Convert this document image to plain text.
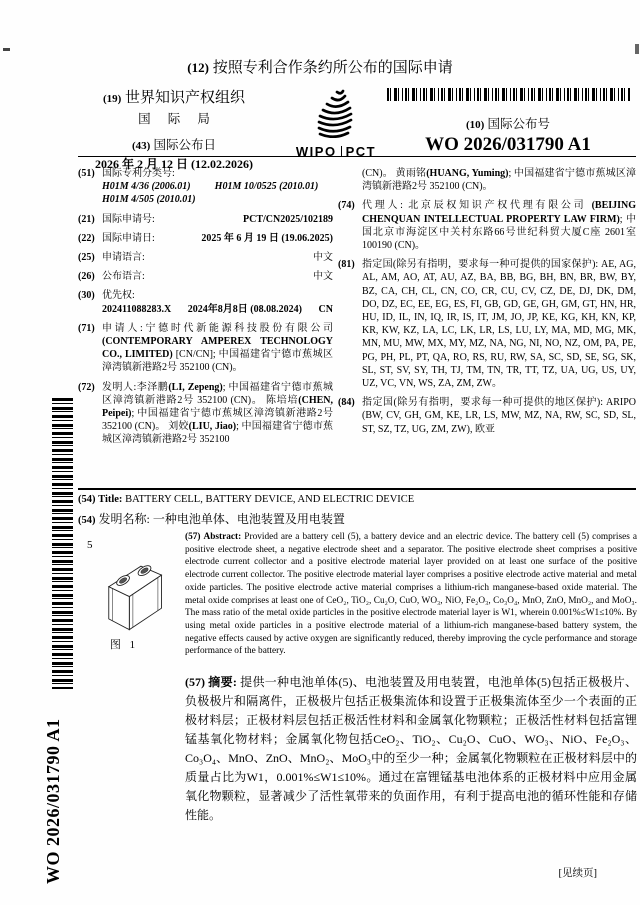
(12) 按照专利合作条约所公布的国际申请
(19) 世界知识产权组织
国 际 局
(43) 国际公布日
2026 年 2 月 12 日 (12.02.2026)
WIPO PCT
(10) 国际公布号
WO 2026/031790 A1
(51) 国际专利分类号:
H01M 4/36 (2006.01)	H01M 10/0525 (2010.01)
H01M 4/505 (2010.01)
(21) 国际申请号:	PCT/CN2025/102189
(22) 国际申请日:	2025 年 6 月 19 日 (19.06.2025)
(25) 申请语言:	中文
(26) 公布语言:	中文
(30) 优先权:
202411088283.X 2024年8月8日 (08.08.2024) CN
(71) 申请人:宁德时代新能源科技股份有限公司 (CONTEMPORARY AMPEREX TECHNOLOGY CO., LIMITED) [CN/CN]; 中国福建省宁德市蕉城区漳湾镇新港路2号 352100 (CN)。
(72) 发明人:李泽鹏(LI, Zepeng); 中国福建省宁德市蕉城区漳湾镇新港路2号 352100 (CN)。 陈培培(CHEN, Peipei); 中国福建省宁德市蕉城区漳湾镇新港路2号 352100 (CN)。 刘姣(LIU, Jiao); 中国福建省宁德市蕉城区漳湾镇新港路2号 352100
(CN)。 黄雨铭(HUANG, Yuming); 中国福建省宁德市蕉城区漳湾镇新港路2号 352100 (CN)。
(74) 代理人: 北京辰权知识产权代理有限公司 (BEIJING CHENQUAN INTELLECTUAL PROPERTY LAW FIRM); 中国北京市海淀区中关村东路66号世纪科贸大厦C座 2601室 100190 (CN)。
(81) 指定国(除另有指明，要求每一种可提供的国家保护): AE, AG, AL, AM, AO, AT, AU, AZ, BA, BB, BG, BH, BN, BR, BW, BY, BZ, CA, CH, CL, CN, CO, CR, CU, CV, CZ, DE, DJ, DK, DM, DO, DZ, EC, EE, EG, ES, FI, GB, GD, GE, GH, GM, GT, HN, HR, HU, ID, IL, IN, IQ, IR, IS, IT, JM, JO, JP, KE, KG, KH, KN, KP, KR, KW, KZ, LA, LC, LK, LR, LS, LU, LY, MA, MD, MG, MK, MN, MU, MW, MX, MY, MZ, NA, NG, NI, NO, NZ, OM, PA, PE, PG, PH, PL, PT, QA, RO, RS, RU, RW, SA, SC, SD, SE, SG, SK, SL, ST, SV, SY, TH, TJ, TM, TN, TR, TT, TZ, UA, UG, US, UY, UZ, VC, VN, WS, ZA, ZM, ZW。
(84) 指定国(除另有指明，要求每一种可提供的地区保护): ARIPO (BW, CV, GH, GM, KE, LR, LS, MW, MZ, NA, RW, SC, SD, SL, ST, SZ, TZ, UG, ZM, ZW), 欧亚
(54) Title: BATTERY CELL, BATTERY DEVICE, AND ELECTRIC DEVICE
(54) 发明名称: 一种电池单体、电池装置及用电装置
5
图 1
(57) Abstract: Provided are a battery cell (5), a battery device and an electric device. The battery cell (5) comprises a positive electrode sheet, a negative electrode sheet and a separator. The positive electrode sheet comprises a positive electrode current collector and a positive electrode material layer provided on at least one surface of the positive electrode current collector. The positive electrode material layer comprises a positive electrode active material and metal oxide particles. The positive electrode active material comprises a lithium-rich manganese-based oxide material. The metal oxide comprises at least one of CeO₂, TiO₂, Cu₂O, CuO, WO₃, NiO, Fe₂O₃, Co₃O₄, MnO, ZnO, MnO₂, and MoO₃. The mass ratio of the metal oxide particles in the positive electrode material layer is W1, wherein 0.001%≤W1≤10%. By using metal oxide particles in a positive electrode material of a lithium-rich manganese-based battery system, the negative effects caused by active oxygen are significantly reduced, thereby improving the cycle performance and storage performance of the battery.
(57) 摘要: 提供一种电池单体(5)、电池装置及用电装置，电池单体(5)包括正极极片、负极极片和隔离件，正极极片包括正极集流体和设置于正极集流体至少一个表面的正极材料层；正极材料层包括正极活性材料和金属氧化物颗粒；正极活性材料包括富锂锰基氧化物材料；金属氧化物包括CeO₂、TiO₂、Cu₂O、CuO、WO₃、NiO、Fe₂O₃、Co₃O₄、MnO、ZnO、MnO₂、MoO₃中的至少一种；金属氧化物颗粒在正极材料层中的质量占比为W1，0.001%≤W1≤10%。通过在富锂锰基电池体系的正极材料中应用金属氧化物颗粒，显著减少了活性氧带来的负面作用，有利于提高电池的循环性能和存储性能。
WO 2026/031790 A1	[见续页]
